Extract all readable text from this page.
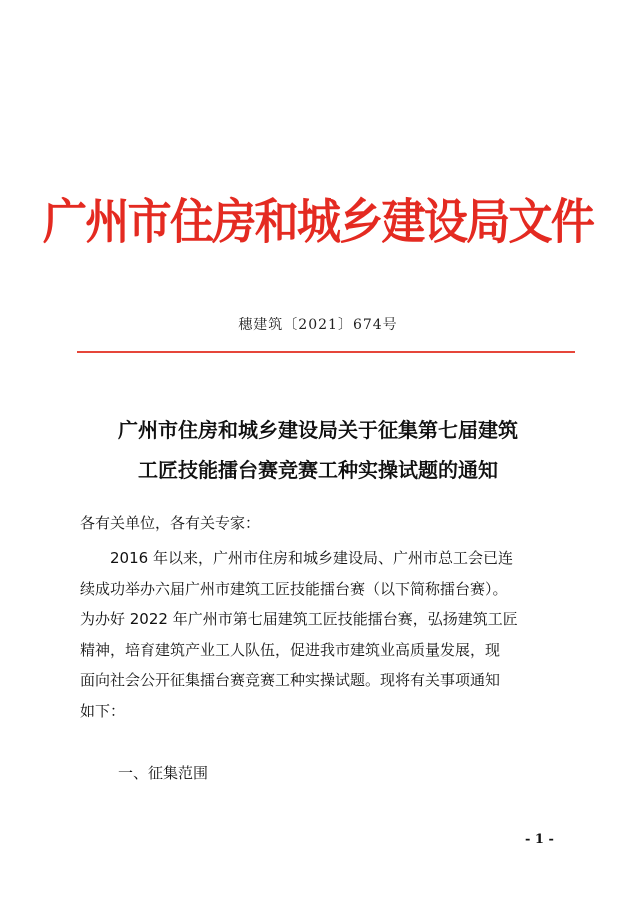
广州市住房和城乡建设局文件
穗建筑〔2021〕674号
广州市住房和城乡建设局关于征集第七届建筑
工匠技能擂台赛竞赛工种实操试题的通知
各有关单位，各有关专家：
2016 年以来，广州市住房和城乡建设局、广州市总工会已连
续成功举办六届广州市建筑工匠技能擂台赛（以下简称擂台赛）。
为办好 2022 年广州市第七届建筑工匠技能擂台赛，弘扬建筑工匠
精神，培育建筑产业工人队伍，促进我市建筑业高质量发展，现
面向社会公开征集擂台赛竞赛工种实操试题。现将有关事项通知
如下：
一、征集范围
- 1 -
